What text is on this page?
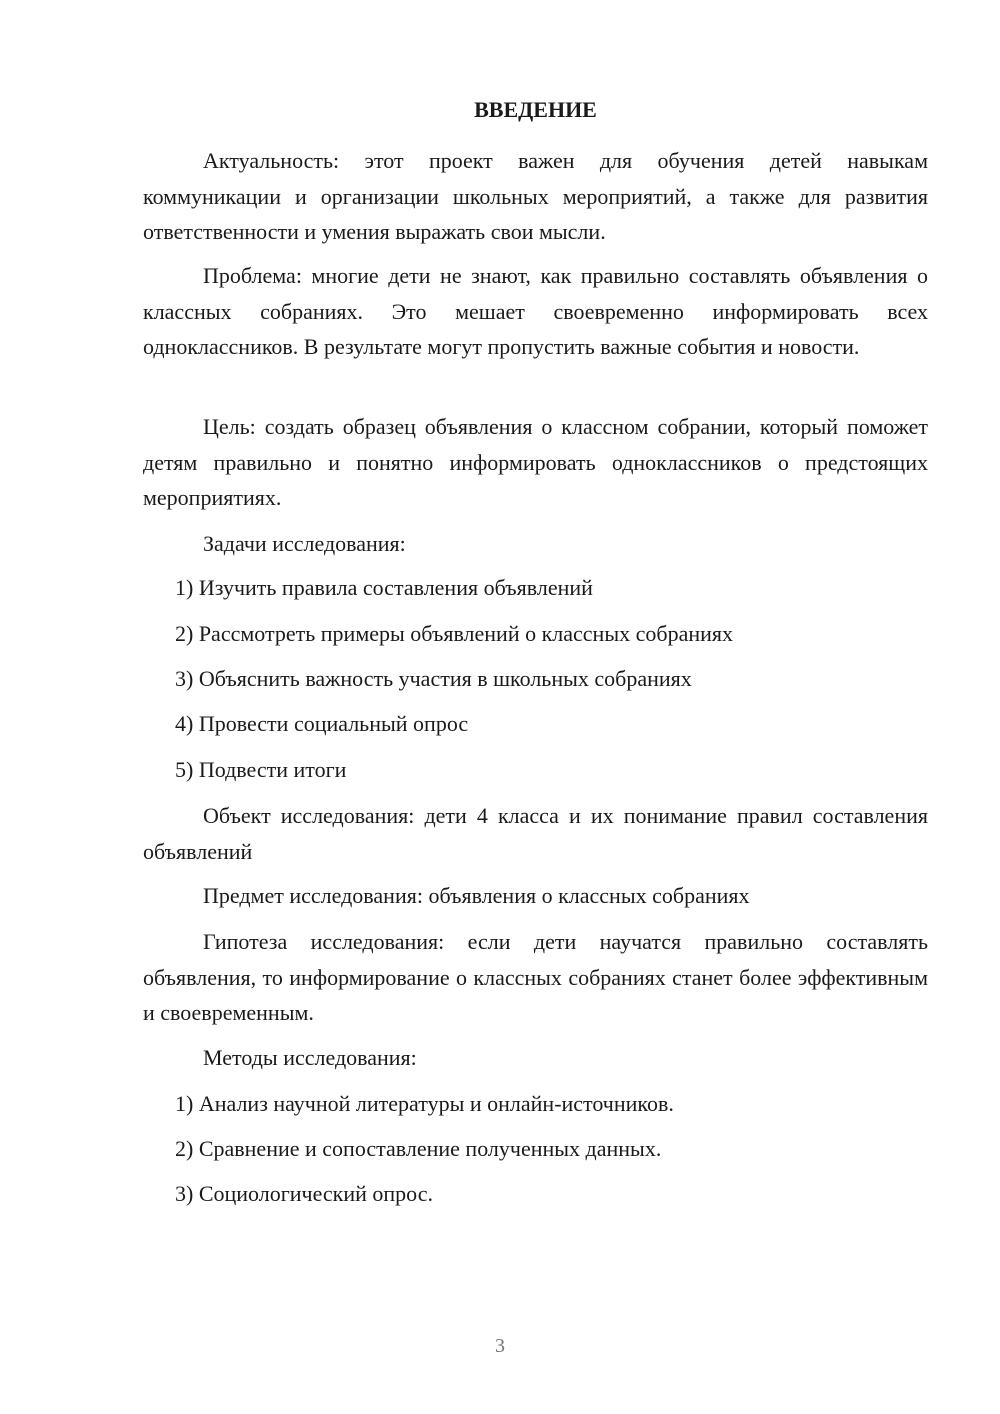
ВВЕДЕНИЕ

Актуальность: этот проект важен для обучения детей навыкам коммуникации и организации школьных мероприятий, а также для развития ответственности и умения выражать свои мысли.

Проблема: многие дети не знают, как правильно составлять объявления о классных собраниях. Это мешает своевременно информировать всех одноклассников. В результате могут пропустить важные события и новости.

Цель: создать образец объявления о классном собрании, который поможет детям правильно и понятно информировать одноклассников о предстоящих мероприятиях.

Задачи исследования:

1) Изучить правила составления объявлений

2) Рассмотреть примеры объявлений о классных собраниях

3) Объяснить важность участия в школьных собраниях

4) Провести социальный опрос

5) Подвести итоги

Объект исследования: дети 4 класса и их понимание правил составления объявлений

Предмет исследования: объявления о классных собраниях

Гипотеза исследования: если дети научатся правильно составлять объявления, то информирование о классных собраниях станет более эффективным и своевременным.

Методы исследования:

1) Анализ научной литературы и онлайн-источников.

2) Сравнение и сопоставление полученных данных.

3) Социологический опрос.

3
